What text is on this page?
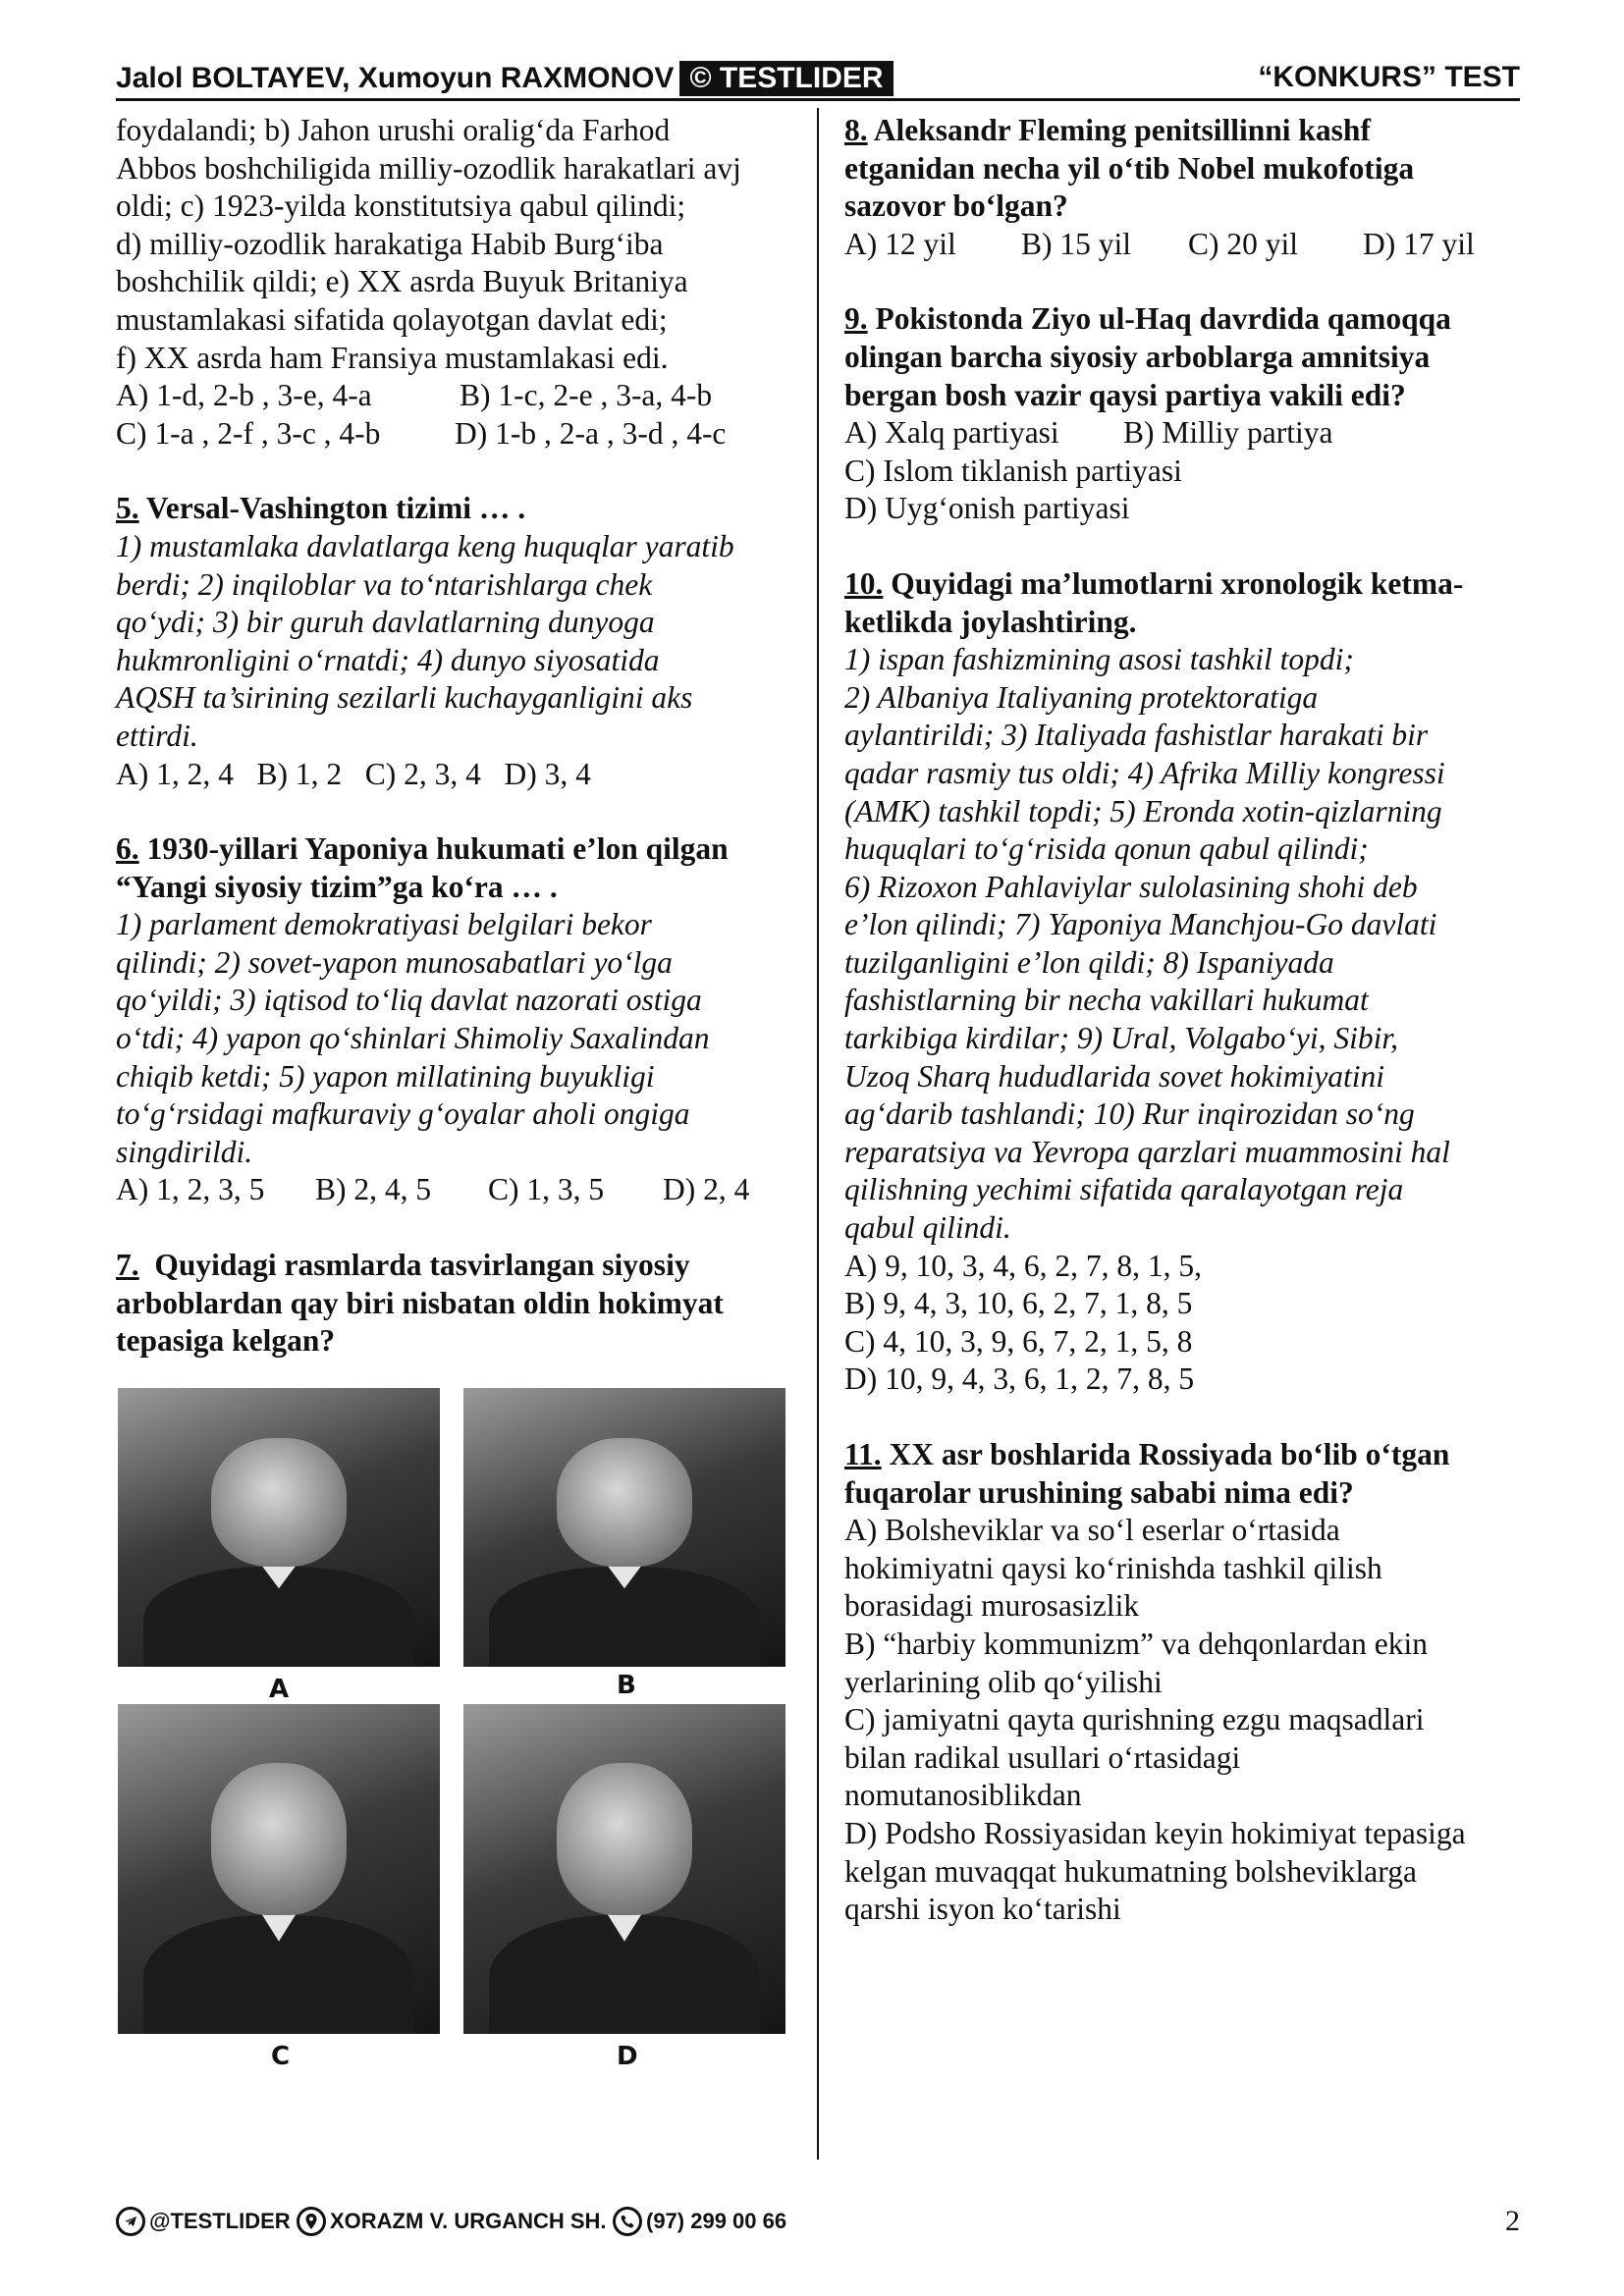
Jalol BOLTAYEV, Xumoyun RAXMONOV © TESTLIDER	“KONKURS” TEST

foydalandi; b) Jahon urushi oralig‘da Farhod

Abbos boshchiligida milliy-ozodlik harakatlari avj

oldi; c) 1923-yilda konstitutsiya qabul qilindi;

d) milliy-ozodlik harakatiga Habib Burg‘iba

boshchilik qildi; e) XX asrda Buyuk Britaniya

mustamlakasi sifatida qolayotgan davlat edi;

f) XX asrda ham Fransiya mustamlakasi edi.

A) 1-d, 2-b , 3-e, 4-a	B) 1-c, 2-e , 3-a, 4-b
C) 1-a , 2-f , 3-c , 4-b	D) 1-b , 2-a , 3-d , 4-c

5. Versal-Vashington tizimi … .

1) mustamlaka davlatlarga keng huquqlar yaratib

berdi; 2) inqiloblar va to‘ntarishlarga chek

qo‘ydi; 3) bir guruh davlatlarning dunyoga

hukmronligini o‘rnatdi; 4) dunyo siyosatida

AQSH ta’sirining sezilarli kuchayganligini aks

ettirdi.

A) 1, 2, 4   B) 1, 2   C) 2, 3, 4   D) 3, 4

6. 1930-yillari Yaponiya hukumati e’lon qilgan

“Yangi siyosiy tizim”ga ko‘ra … .

1) parlament demokratiyasi belgilari bekor

qilindi; 2) sovet-yapon munosabatlari yo‘lga

qo‘yildi; 3) iqtisod to‘liq davlat nazorati ostiga

o‘tdi; 4) yapon qo‘shinlari Shimoliy Saxalindan

chiqib ketdi; 5) yapon millatining buyukligi

to‘g‘rsidagi mafkuraviy g‘oyalar aholi ongiga

singdirildi.

A) 1, 2, 3, 5	B) 2, 4, 5	C) 1, 3, 5	D) 2, 4

7.  Quyidagi rasmlarda tasvirlangan siyosiy

arboblardan qay biri nisbatan oldin hokimyat

tepasiga kelgan?

A	B
C	D

8. Aleksandr Fleming penitsillinni kashf

etganidan necha yil o‘tib Nobel mukofotiga

sazovor bo‘lgan?

A) 12 yil	B) 15 yil	C) 20 yil	D) 17 yil

9. Pokistonda Ziyo ul-Haq davrdida qamoqqa

olingan barcha siyosiy arboblarga amnitsiya

bergan bosh vazir qaysi partiya vakili edi?

A) Xalq partiyasi	B) Milliy partiya

C) Islom tiklanish partiyasi

D) Uyg‘onish partiyasi

10. Quyidagi ma’lumotlarni xronologik ketma-

ketlikda joylashtiring.

1) ispan fashizmining asosi tashkil topdi;

2) Albaniya Italiyaning protektoratiga

aylantirildi; 3) Italiyada fashistlar harakati bir

qadar rasmiy tus oldi; 4) Afrika Milliy kongressi

(AMK) tashkil topdi; 5) Eronda xotin-qizlarning

huquqlari to‘g‘risida qonun qabul qilindi;

6) Rizoxon Pahlaviylar sulolasining shohi deb

e’lon qilindi; 7) Yaponiya Manchjou-Go davlati

tuzilganligini e’lon qildi; 8) Ispaniyada

fashistlarning bir necha vakillari hukumat

tarkibiga kirdilar; 9) Ural, Volgabo‘yi, Sibir,

Uzoq Sharq hududlarida sovet hokimiyatini

ag‘darib tashlandi; 10) Rur inqirozidan so‘ng

reparatsiya va Yevropa qarzlari muammosini hal

qilishning yechimi sifatida qaralayotgan reja

qabul qilindi.

A) 9, 10, 3, 4, 6, 2, 7, 8, 1, 5,

B) 9, 4, 3, 10, 6, 2, 7, 1, 8, 5

C) 4, 10, 3, 9, 6, 7, 2, 1, 5, 8

D) 10, 9, 4, 3, 6, 1, 2, 7, 8, 5

11. XX asr boshlarida Rossiyada bo‘lib o‘tgan

fuqarolar urushining sababi nima edi?

A) Bolsheviklar va so‘l eserlar o‘rtasida

hokimiyatni qaysi ko‘rinishda tashkil qilish

borasidagi murosasizlik

B) “harbiy kommunizm” va dehqonlardan ekin

yerlarining olib qo‘yilishi

C) jamiyatni qayta qurishning ezgu maqsadlari

bilan radikal usullari o‘rtasidagi

nomutanosiblikdan

D) Podsho Rossiyasidan keyin hokimiyat tepasiga

kelgan muvaqqat hukumatning bolsheviklarga

qarshi isyon ko‘tarishi

@TESTLIDER XORAZM V. URGANCH SH. (97) 299 00 66	2
